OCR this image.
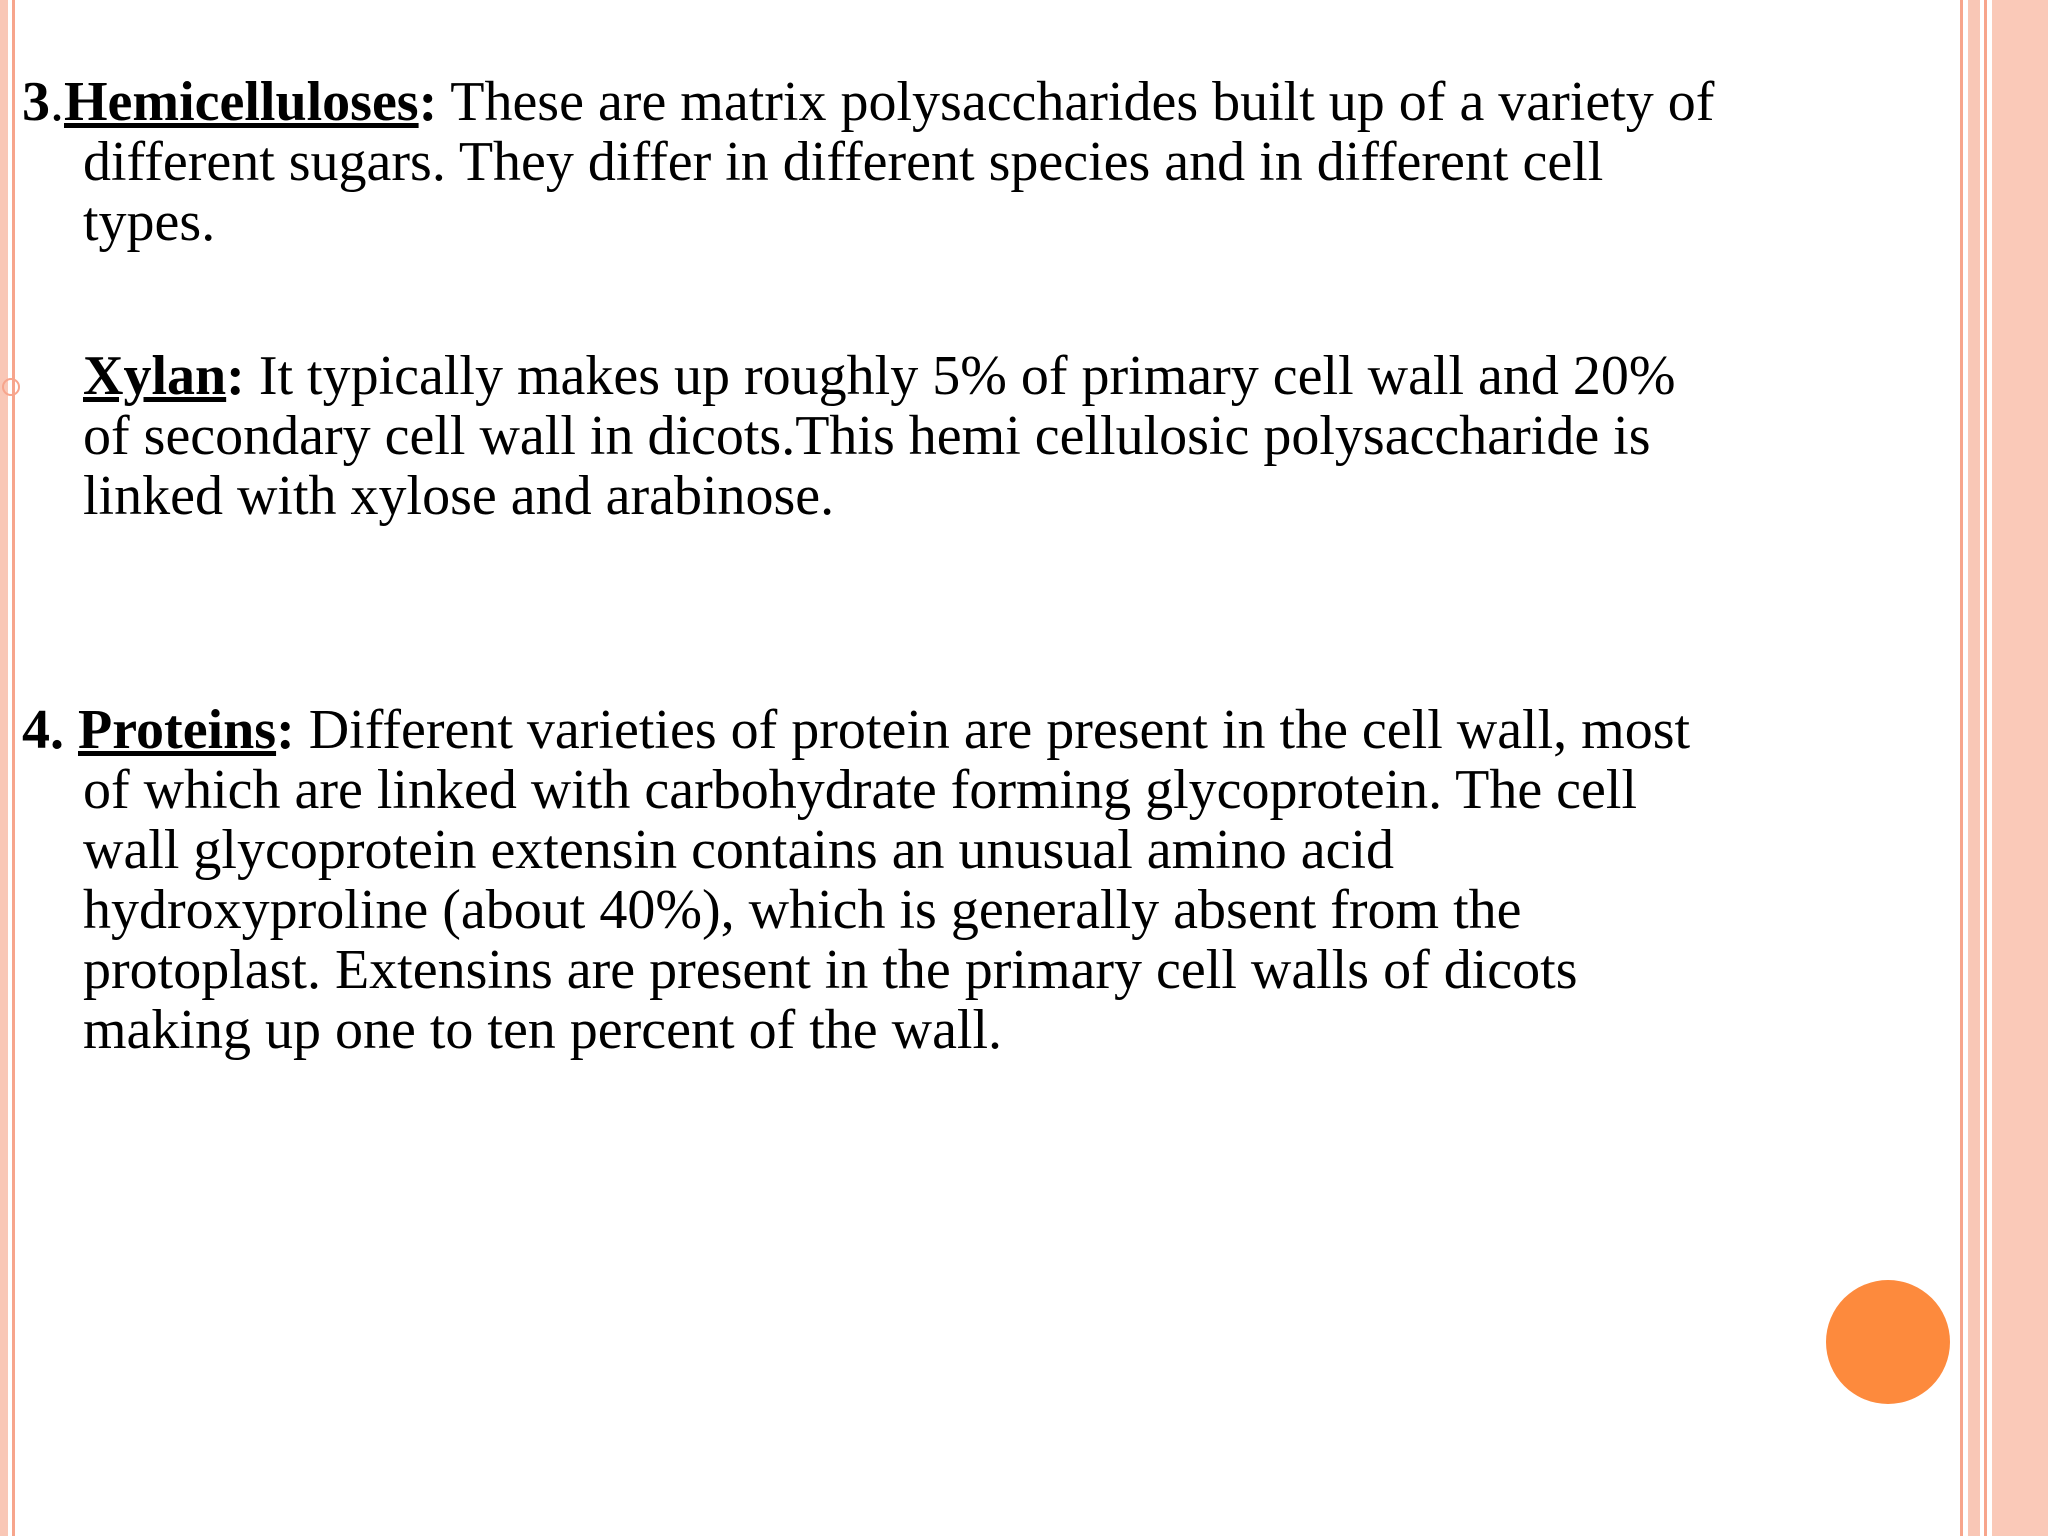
3.Hemicelluloses: These are matrix polysaccharides built up of a variety of
different sugars. They differ in different species and in different cell
types.
Xylan: It typically makes up roughly 5% of primary cell wall and 20%
of secondary cell wall in dicots.This hemi cellulosic polysaccharide is
linked with xylose and arabinose.
4. Proteins: Different varieties of protein are present in the cell wall, most
of which are linked with carbohydrate forming glycoprotein. The cell
wall glycoprotein extensin contains an unusual amino acid
hydroxyproline (about 40%), which is generally absent from the
protoplast. Extensins are present in the primary cell walls of dicots
making up one to ten percent of the wall.
